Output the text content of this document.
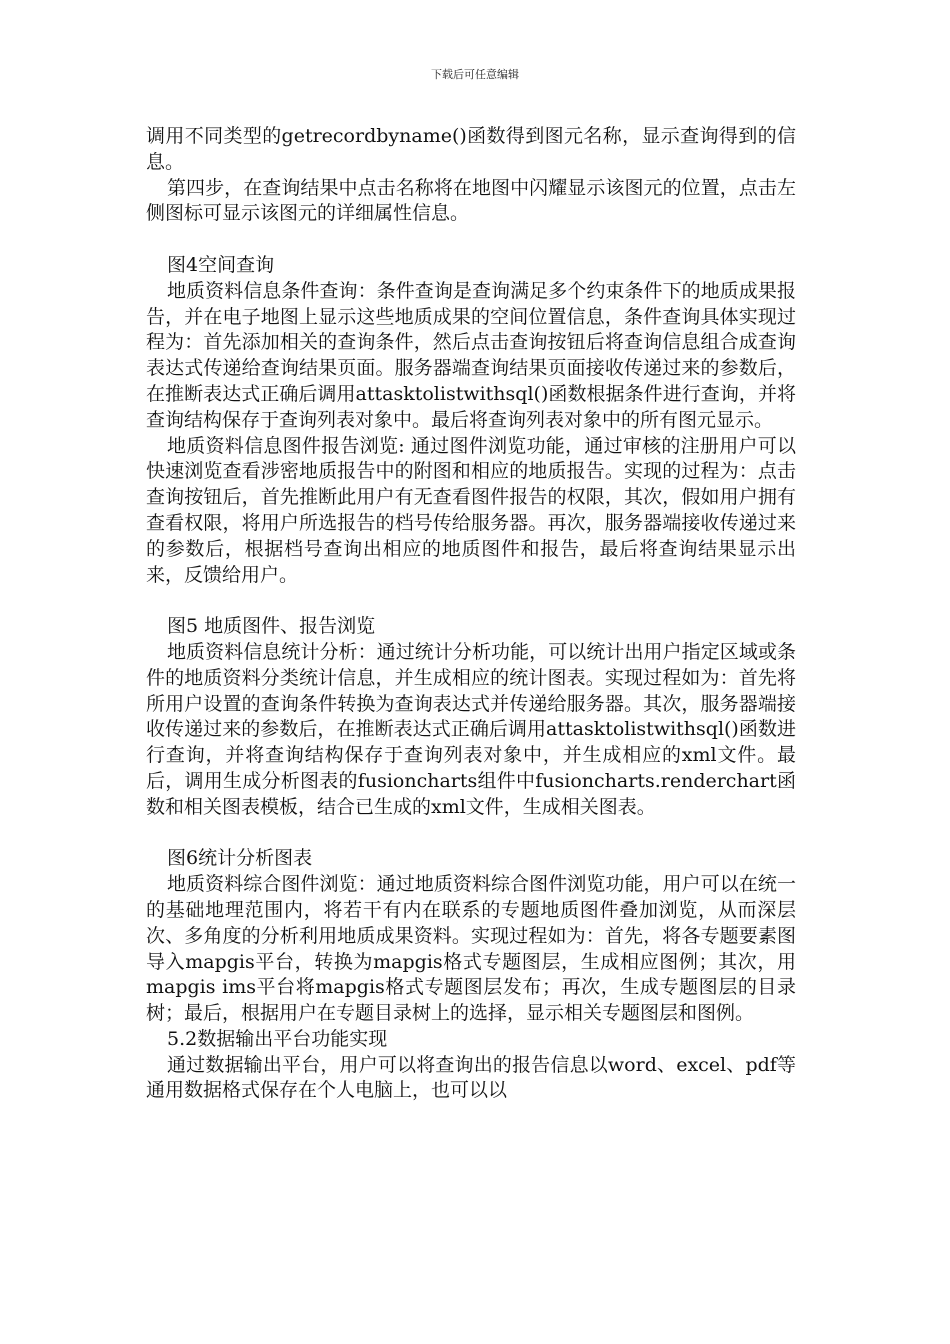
下载后可任意编辑

调用不同类型的getrecordbyname()函数得到图元名称，显示查询得到的信息。

第四步，在查询结果中点击名称将在地图中闪耀显示该图元的位置，点击左侧图标可显示该图元的详细属性信息。

图4空间查询

地质资料信息条件查询：条件查询是查询满足多个约束条件下的地质成果报告，并在电子地图上显示这些地质成果的空间位置信息，条件查询具体实现过程为：首先添加相关的查询条件，然后点击查询按钮后将查询信息组合成查询表达式传递给查询结果页面。服务器端查询结果页面接收传递过来的参数后，在推断表达式正确后调用attasktolistwithsql()函数根据条件进行查询，并将查询结构保存于查询列表对象中。最后将查询列表对象中的所有图元显示。

地质资料信息图件报告浏览: 通过图件浏览功能，通过审核的注册用户可以快速浏览查看涉密地质报告中的附图和相应的地质报告。实现的过程为：点击查询按钮后，首先推断此用户有无查看图件报告的权限，其次，假如用户拥有查看权限，将用户所选报告的档号传给服务器。再次，服务器端接收传递过来的参数后，根据档号查询出相应的地质图件和报告，最后将查询结果显示出来，反馈给用户。

图5 地质图件、报告浏览

地质资料信息统计分析：通过统计分析功能，可以统计出用户指定区域或条件的地质资料分类统计信息，并生成相应的统计图表。实现过程如为：首先将所用户设置的查询条件转换为查询表达式并传递给服务器。其次，服务器端接收传递过来的参数后，在推断表达式正确后调用attasktolistwithsql()函数进行查询，并将查询结构保存于查询列表对象中，并生成相应的xml文件。最后，调用生成分析图表的fusioncharts组件中fusioncharts.renderchart函数和相关图表模板，结合已生成的xml文件，生成相关图表。

图6统计分析图表

地质资料综合图件浏览：通过地质资料综合图件浏览功能，用户可以在统一的基础地理范围内，将若干有内在联系的专题地质图件叠加浏览，从而深层次、多角度的分析利用地质成果资料。实现过程如为：首先，将各专题要素图导入mapgis平台，转换为mapgis格式专题图层，生成相应图例；其次，用mapgis ims平台将mapgis格式专题图层发布；再次，生成专题图层的目录树；最后，根据用户在专题目录树上的选择，显示相关专题图层和图例。

5.2数据输出平台功能实现

通过数据输出平台，用户可以将查询出的报告信息以word、excel、pdf等通用数据格式保存在个人电脑上，也可以以
